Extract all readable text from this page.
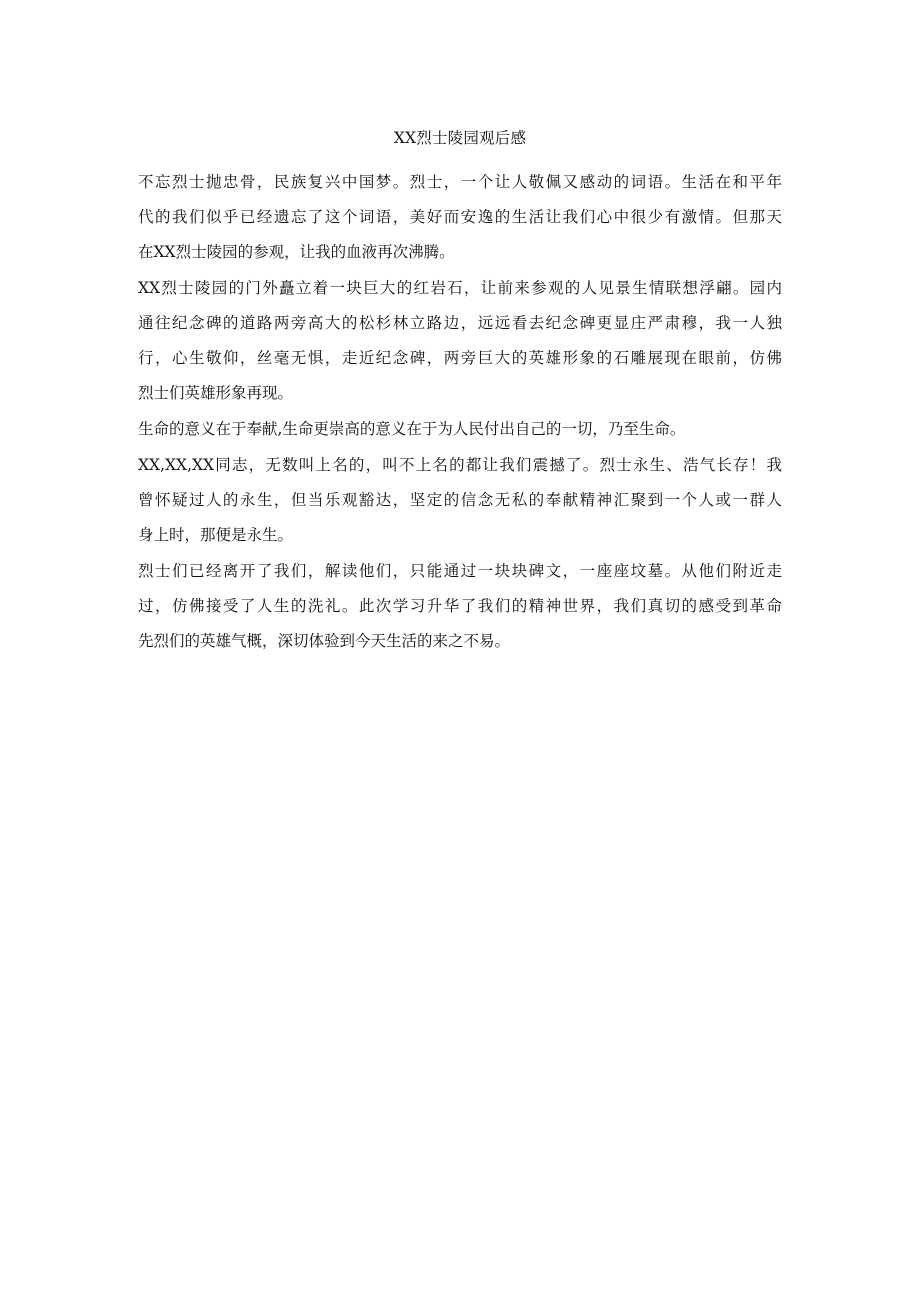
XX烈士陵园观后感
不忘烈士抛忠骨，民族复兴中国梦。烈士，一个让人敬佩又感动的词语。生活在和平年
代的我们似乎已经遗忘了这个词语，美好而安逸的生活让我们心中很少有激情。但那天
在XX烈士陵园的参观，让我的血液再次沸腾。
XX烈士陵园的门外矗立着一块巨大的红岩石，让前来参观的人见景生情联想浮翩。园内
通往纪念碑的道路两旁高大的松杉林立路边，远远看去纪念碑更显庄严肃穆，我一人独
行，心生敬仰，丝毫无惧，走近纪念碑，两旁巨大的英雄形象的石雕展现在眼前，仿佛
烈士们英雄形象再现。
生命的意义在于奉献,生命更崇高的意义在于为人民付出自己的一切，乃至生命。
XX,XX,XX同志，无数叫上名的，叫不上名的都让我们震撼了。烈士永生、浩气长存！我
曾怀疑过人的永生，但当乐观豁达，坚定的信念无私的奉献精神汇聚到一个人或一群人
身上时，那便是永生。
烈士们已经离开了我们，解读他们，只能通过一块块碑文，一座座坟墓。从他们附近走
过，仿佛接受了人生的洗礼。此次学习升华了我们的精神世界，我们真切的感受到革命
先烈们的英雄气概，深切体验到今天生活的来之不易。
